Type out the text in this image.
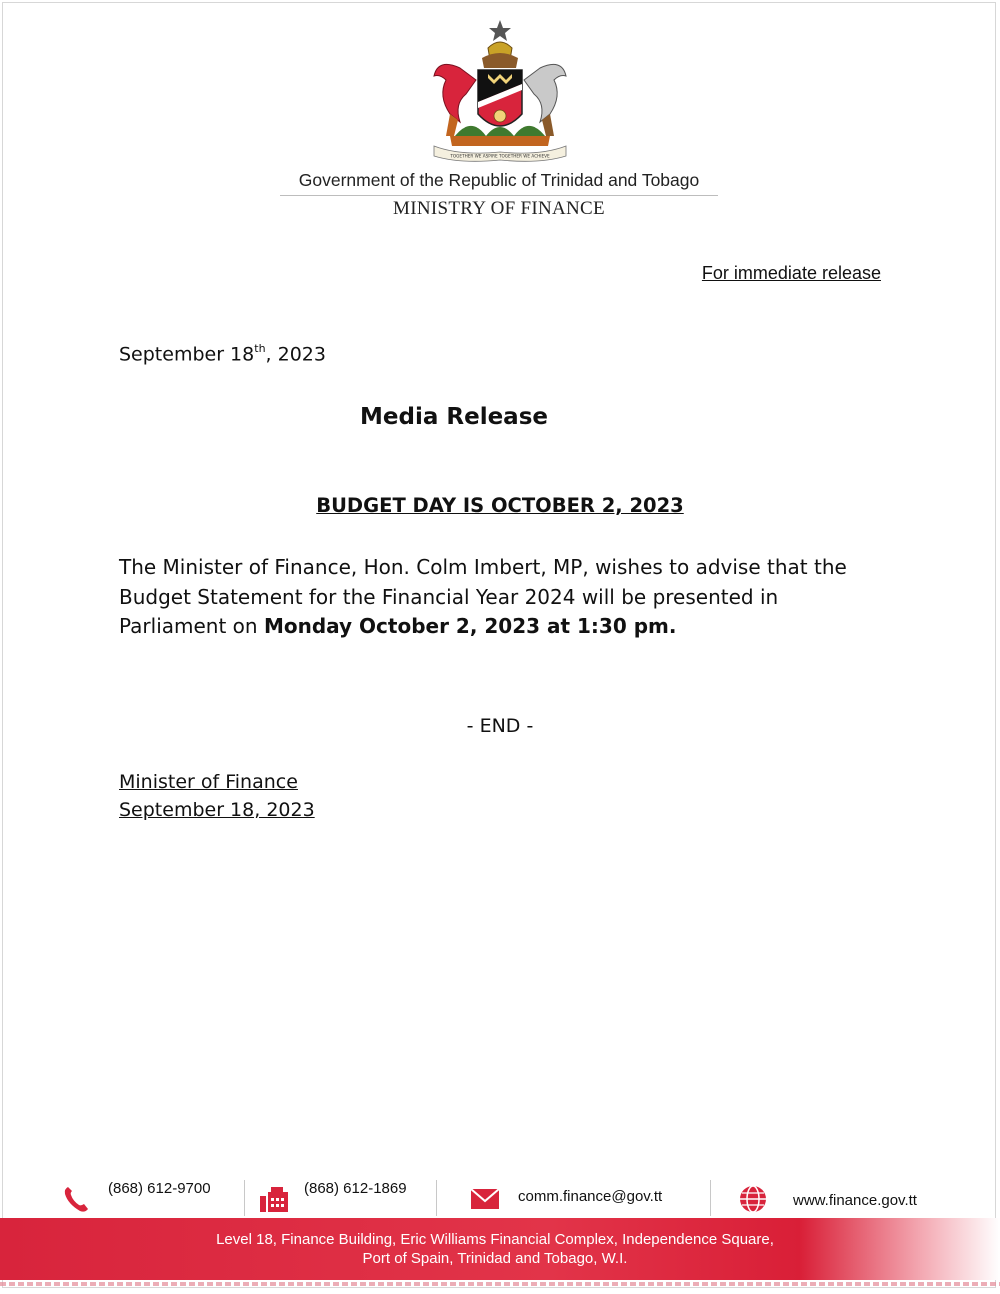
TOGETHER WE ASPIRE TOGETHER WE ACHIEVE
Government of the Republic of Trinidad and Tobago
MINISTRY OF FINANCE
For immediate release
September 18th, 2023
Media Release
BUDGET DAY IS OCTOBER 2, 2023
The Minister of Finance, Hon. Colm Imbert, MP, wishes to advise that the Budget Statement for the Financial Year 2024 will be presented in Parliament on Monday October 2, 2023 at 1:30 pm.
- END -
Minister of Finance
September 18, 2023
(868) 612-9700	(868) 612-1869	comm.finance@gov.tt	www.finance.gov.tt
Level 18, Finance Building, Eric Williams Financial Complex, Independence Square,
Port of Spain, Trinidad and Tobago, W.I.
